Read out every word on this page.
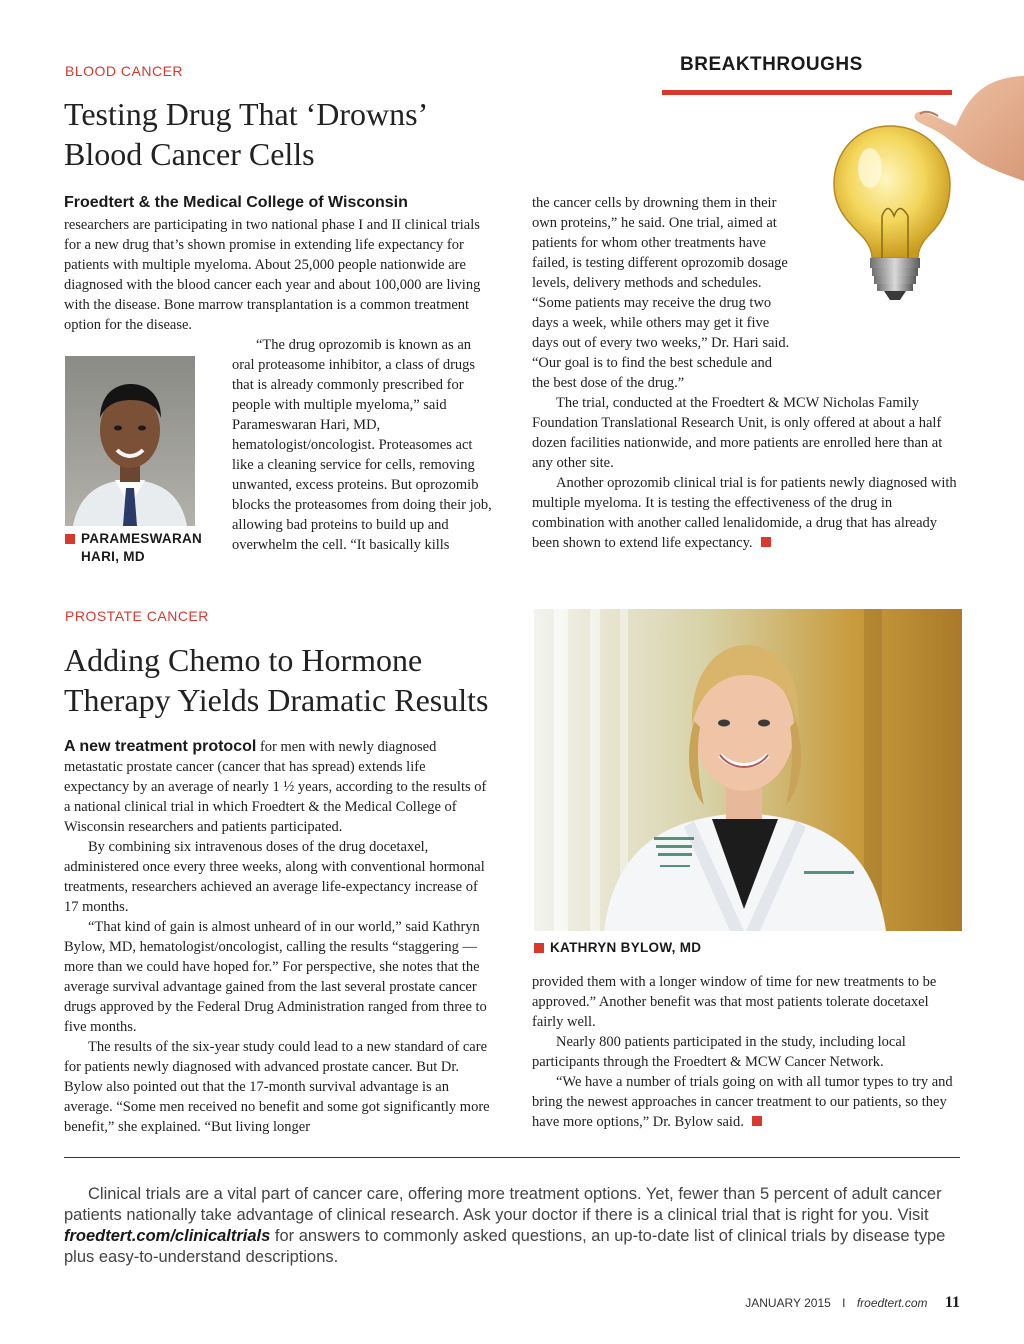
BREAKTHROUGHS
BLOOD CANCER
Testing Drug That ‘Drowns’
Blood Cancer Cells
Froedtert & the Medical College of Wisconsin
researchers are participating in two national phase I and II clinical trials for a new drug that’s shown promise in extending life expectancy for patients with multiple myeloma. About 25,000 people nationwide are diagnosed with the blood cancer each year and about 100,000 are living with the disease. Bone marrow transplantation is a common treatment option for the disease.
PARAMESWARAN
HARI, MD
“The drug oprozomib is known as an oral proteasome inhibitor, a class of drugs that is already commonly prescribed for people with multiple myeloma,” said Parameswaran Hari, MD, hematologist/oncologist. Proteasomes act like a cleaning service for cells, removing unwanted, excess proteins. But oprozomib blocks the proteasomes from doing their job, allowing bad proteins to build up and overwhelm the cell. “It basically kills

the cancer cells by drowning them in their own proteins,” he said. One trial, aimed at patients for whom other treatments have failed, is testing different oprozomib dosage levels, delivery methods and schedules. “Some patients may receive the drug two days a week, while others may get it five days out of every two weeks,” Dr. Hari said. “Our goal is to find the best schedule and the best dose of the drug.”

The trial, conducted at the Froedtert & MCW Nicholas Family Foundation Translational Research Unit, is only offered at about a half dozen facilities nationwide, and more patients are enrolled here than at any other site.

Another oprozomib clinical trial is for patients newly diagnosed with multiple myeloma. It is testing the effectiveness of the drug in combination with another called lenalidomide, a drug that has already been shown to extend life expectancy.

PROSTATE CANCER
Adding Chemo to Hormone
Therapy Yields Dramatic Results

A new treatment protocol for men with newly diagnosed metastatic prostate cancer (cancer that has spread) extends life expectancy by an average of nearly 1 ½ years, according to the results of a national clinical trial in which Froedtert & the Medical College of Wisconsin researchers and patients participated.

By combining six intravenous doses of the drug docetaxel, administered once every three weeks, along with conventional hormonal treatments, researchers achieved an average life-expectancy increase of 17 months.

“That kind of gain is almost unheard of in our world,” said Kathryn Bylow, MD, hematologist/oncologist, calling the results “staggering — more than we could have hoped for.” For perspective, she notes that the average survival advantage gained from the last several prostate cancer drugs approved by the Federal Drug Administration ranged from three to five months.

The results of the six-year study could lead to a new standard of care for patients newly diagnosed with advanced prostate cancer. But Dr. Bylow also pointed out that the 17-month survival advantage is an average. “Some men received no benefit and some got significantly more benefit,” she explained. “But living longer

KATHRYN BYLOW, MD

provided them with a longer window of time for new treatments to be approved.” Another benefit was that most patients tolerate docetaxel fairly well.

Nearly 800 patients participated in the study, including local participants through the Froedtert & MCW Cancer Network.

“We have a number of trials going on with all tumor types to try and bring the newest approaches in cancer treatment to our patients, so they have more options,” Dr. Bylow said.

Clinical trials are a vital part of cancer care, offering more treatment options. Yet, fewer than 5 percent of adult cancer patients nationally take advantage of clinical research. Ask your doctor if there is a clinical trial that is right for you. Visit froedtert.com/clinicaltrials for answers to commonly asked questions, an up-to-date list of clinical trials by disease type plus easy-to-understand descriptions.
JANUARY 2015 I froedtert.com 11
